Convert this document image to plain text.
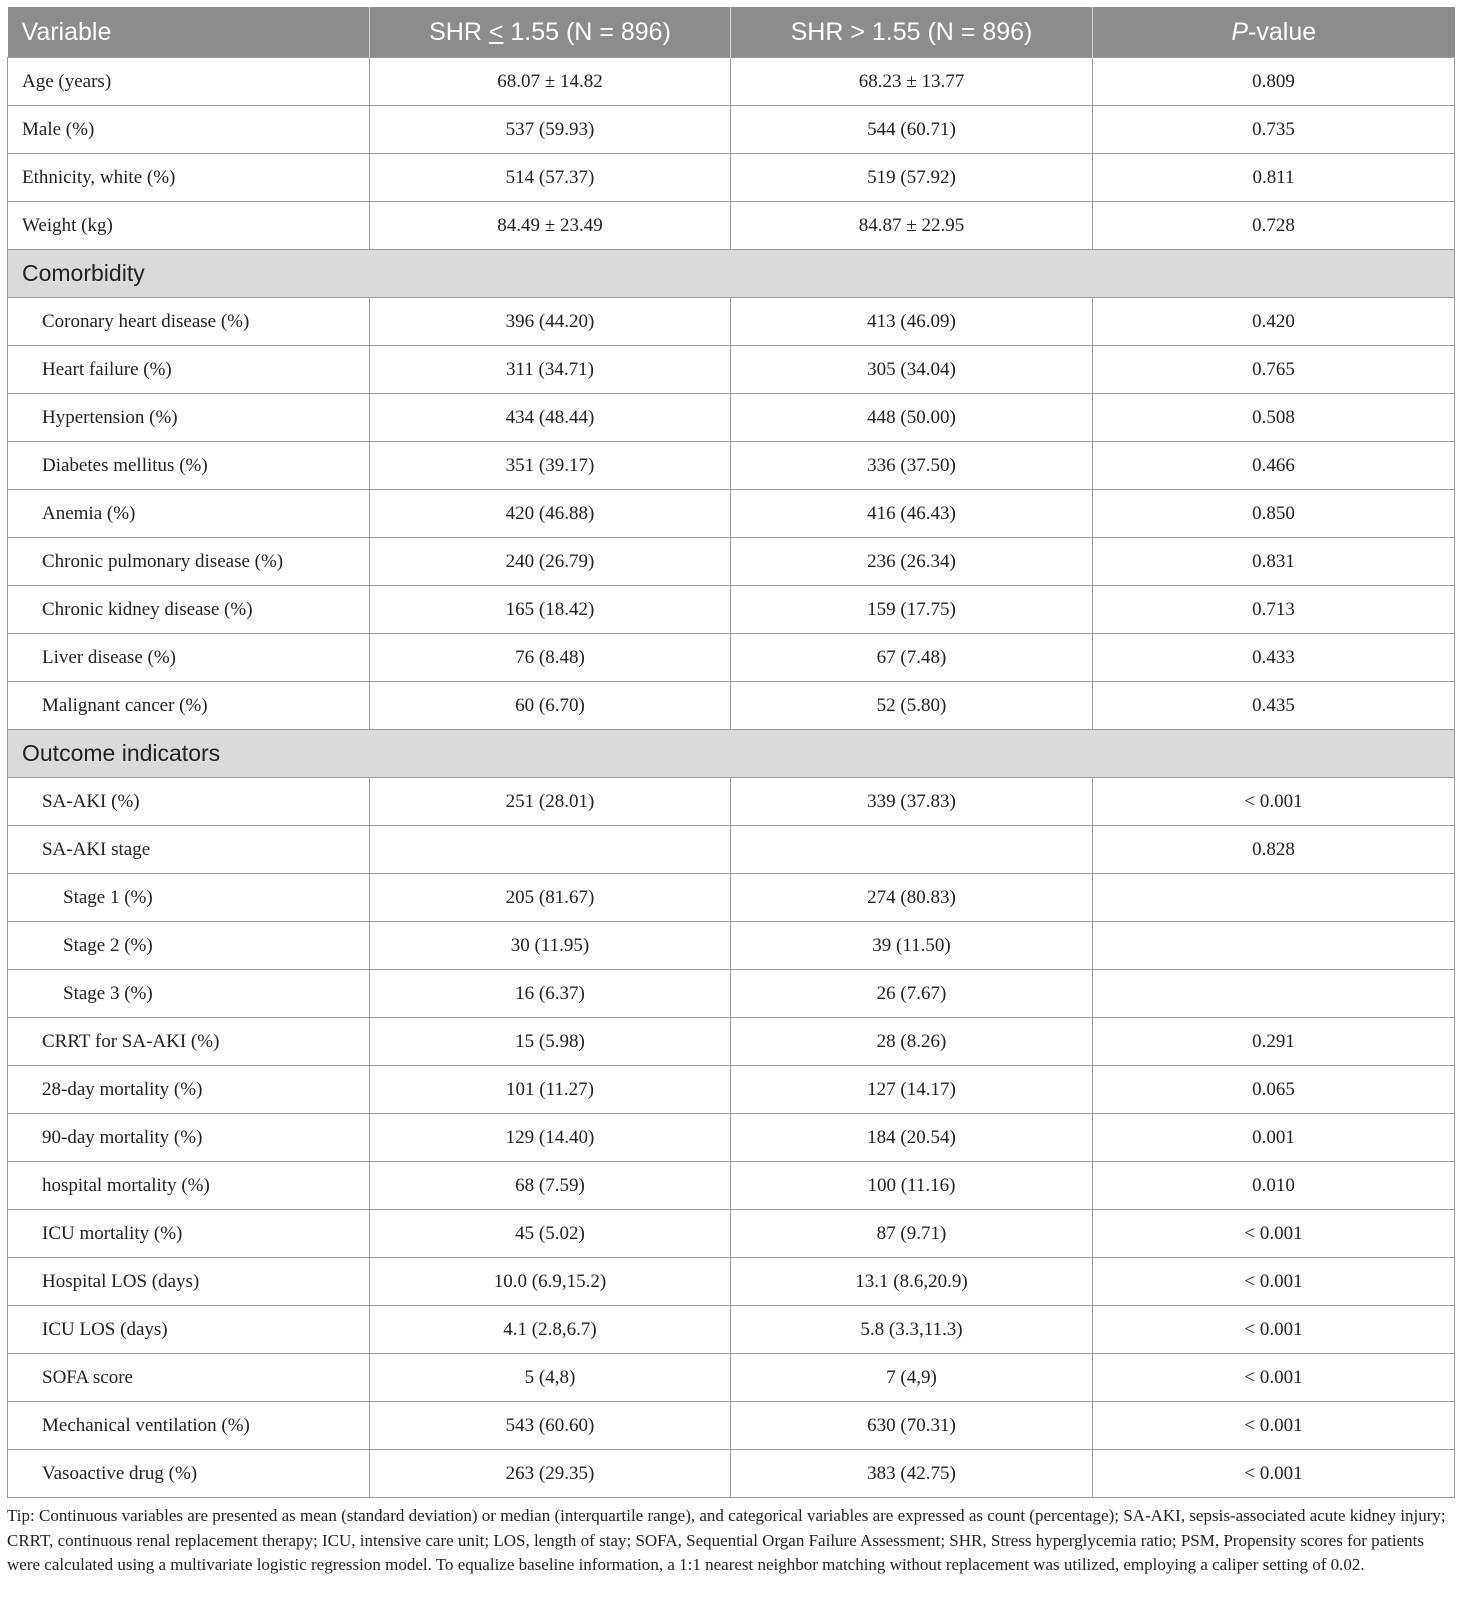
Variable	SHR < 1.55 (N = 896)	SHR > 1.55 (N = 896)	P-value
Age (years)	68.07 ± 14.82	68.23 ± 13.77	0.809
Male (%)	537 (59.93)	544 (60.71)	0.735
Ethnicity, white (%)	514 (57.37)	519 (57.92)	0.811
Weight (kg)	84.49 ± 23.49	84.87 ± 22.95	0.728
Comorbidity			
Coronary heart disease (%)	396 (44.20)	413 (46.09)	0.420
Heart failure (%)	311 (34.71)	305 (34.04)	0.765
Hypertension (%)	434 (48.44)	448 (50.00)	0.508
Diabetes mellitus (%)	351 (39.17)	336 (37.50)	0.466
Anemia (%)	420 (46.88)	416 (46.43)	0.850
Chronic pulmonary disease (%)	240 (26.79)	236 (26.34)	0.831
Chronic kidney disease (%)	165 (18.42)	159 (17.75)	0.713
Liver disease (%)	76 (8.48)	67 (7.48)	0.433
Malignant cancer (%)	60 (6.70)	52 (5.80)	0.435
Outcome indicators			
SA-AKI (%)	251 (28.01)	339 (37.83)	< 0.001
SA-AKI stage			0.828
Stage 1 (%)	205 (81.67)	274 (80.83)	
Stage 2 (%)	30 (11.95)	39 (11.50)	
Stage 3 (%)	16 (6.37)	26 (7.67)	
CRRT for SA-AKI (%)	15 (5.98)	28 (8.26)	0.291
28-day mortality (%)	101 (11.27)	127 (14.17)	0.065
90-day mortality (%)	129 (14.40)	184 (20.54)	0.001
hospital mortality (%)	68 (7.59)	100 (11.16)	0.010
ICU mortality (%)	45 (5.02)	87 (9.71)	< 0.001
Hospital LOS (days)	10.0 (6.9,15.2)	13.1 (8.6,20.9)	< 0.001
ICU LOS (days)	4.1 (2.8,6.7)	5.8 (3.3,11.3)	< 0.001
SOFA score	5 (4,8)	7 (4,9)	< 0.001
Mechanical ventilation (%)	543 (60.60)	630 (70.31)	< 0.001
Vasoactive drug (%)	263 (29.35)	383 (42.75)	< 0.001
Tip: Continuous variables are presented as mean (standard deviation) or median (interquartile range), and categorical variables are expressed as count (percentage); SA-AKI, sepsis-associated acute kidney injury; CRRT, continuous renal replacement therapy; ICU, intensive care unit; LOS, length of stay; SOFA, Sequential Organ Failure Assessment; SHR, Stress hyperglycemia ratio; PSM, Propensity scores for patients were calculated using a multivariate logistic regression model. To equalize baseline information, a 1:1 nearest neighbor matching without replacement was utilized, employing a caliper setting of 0.02.
